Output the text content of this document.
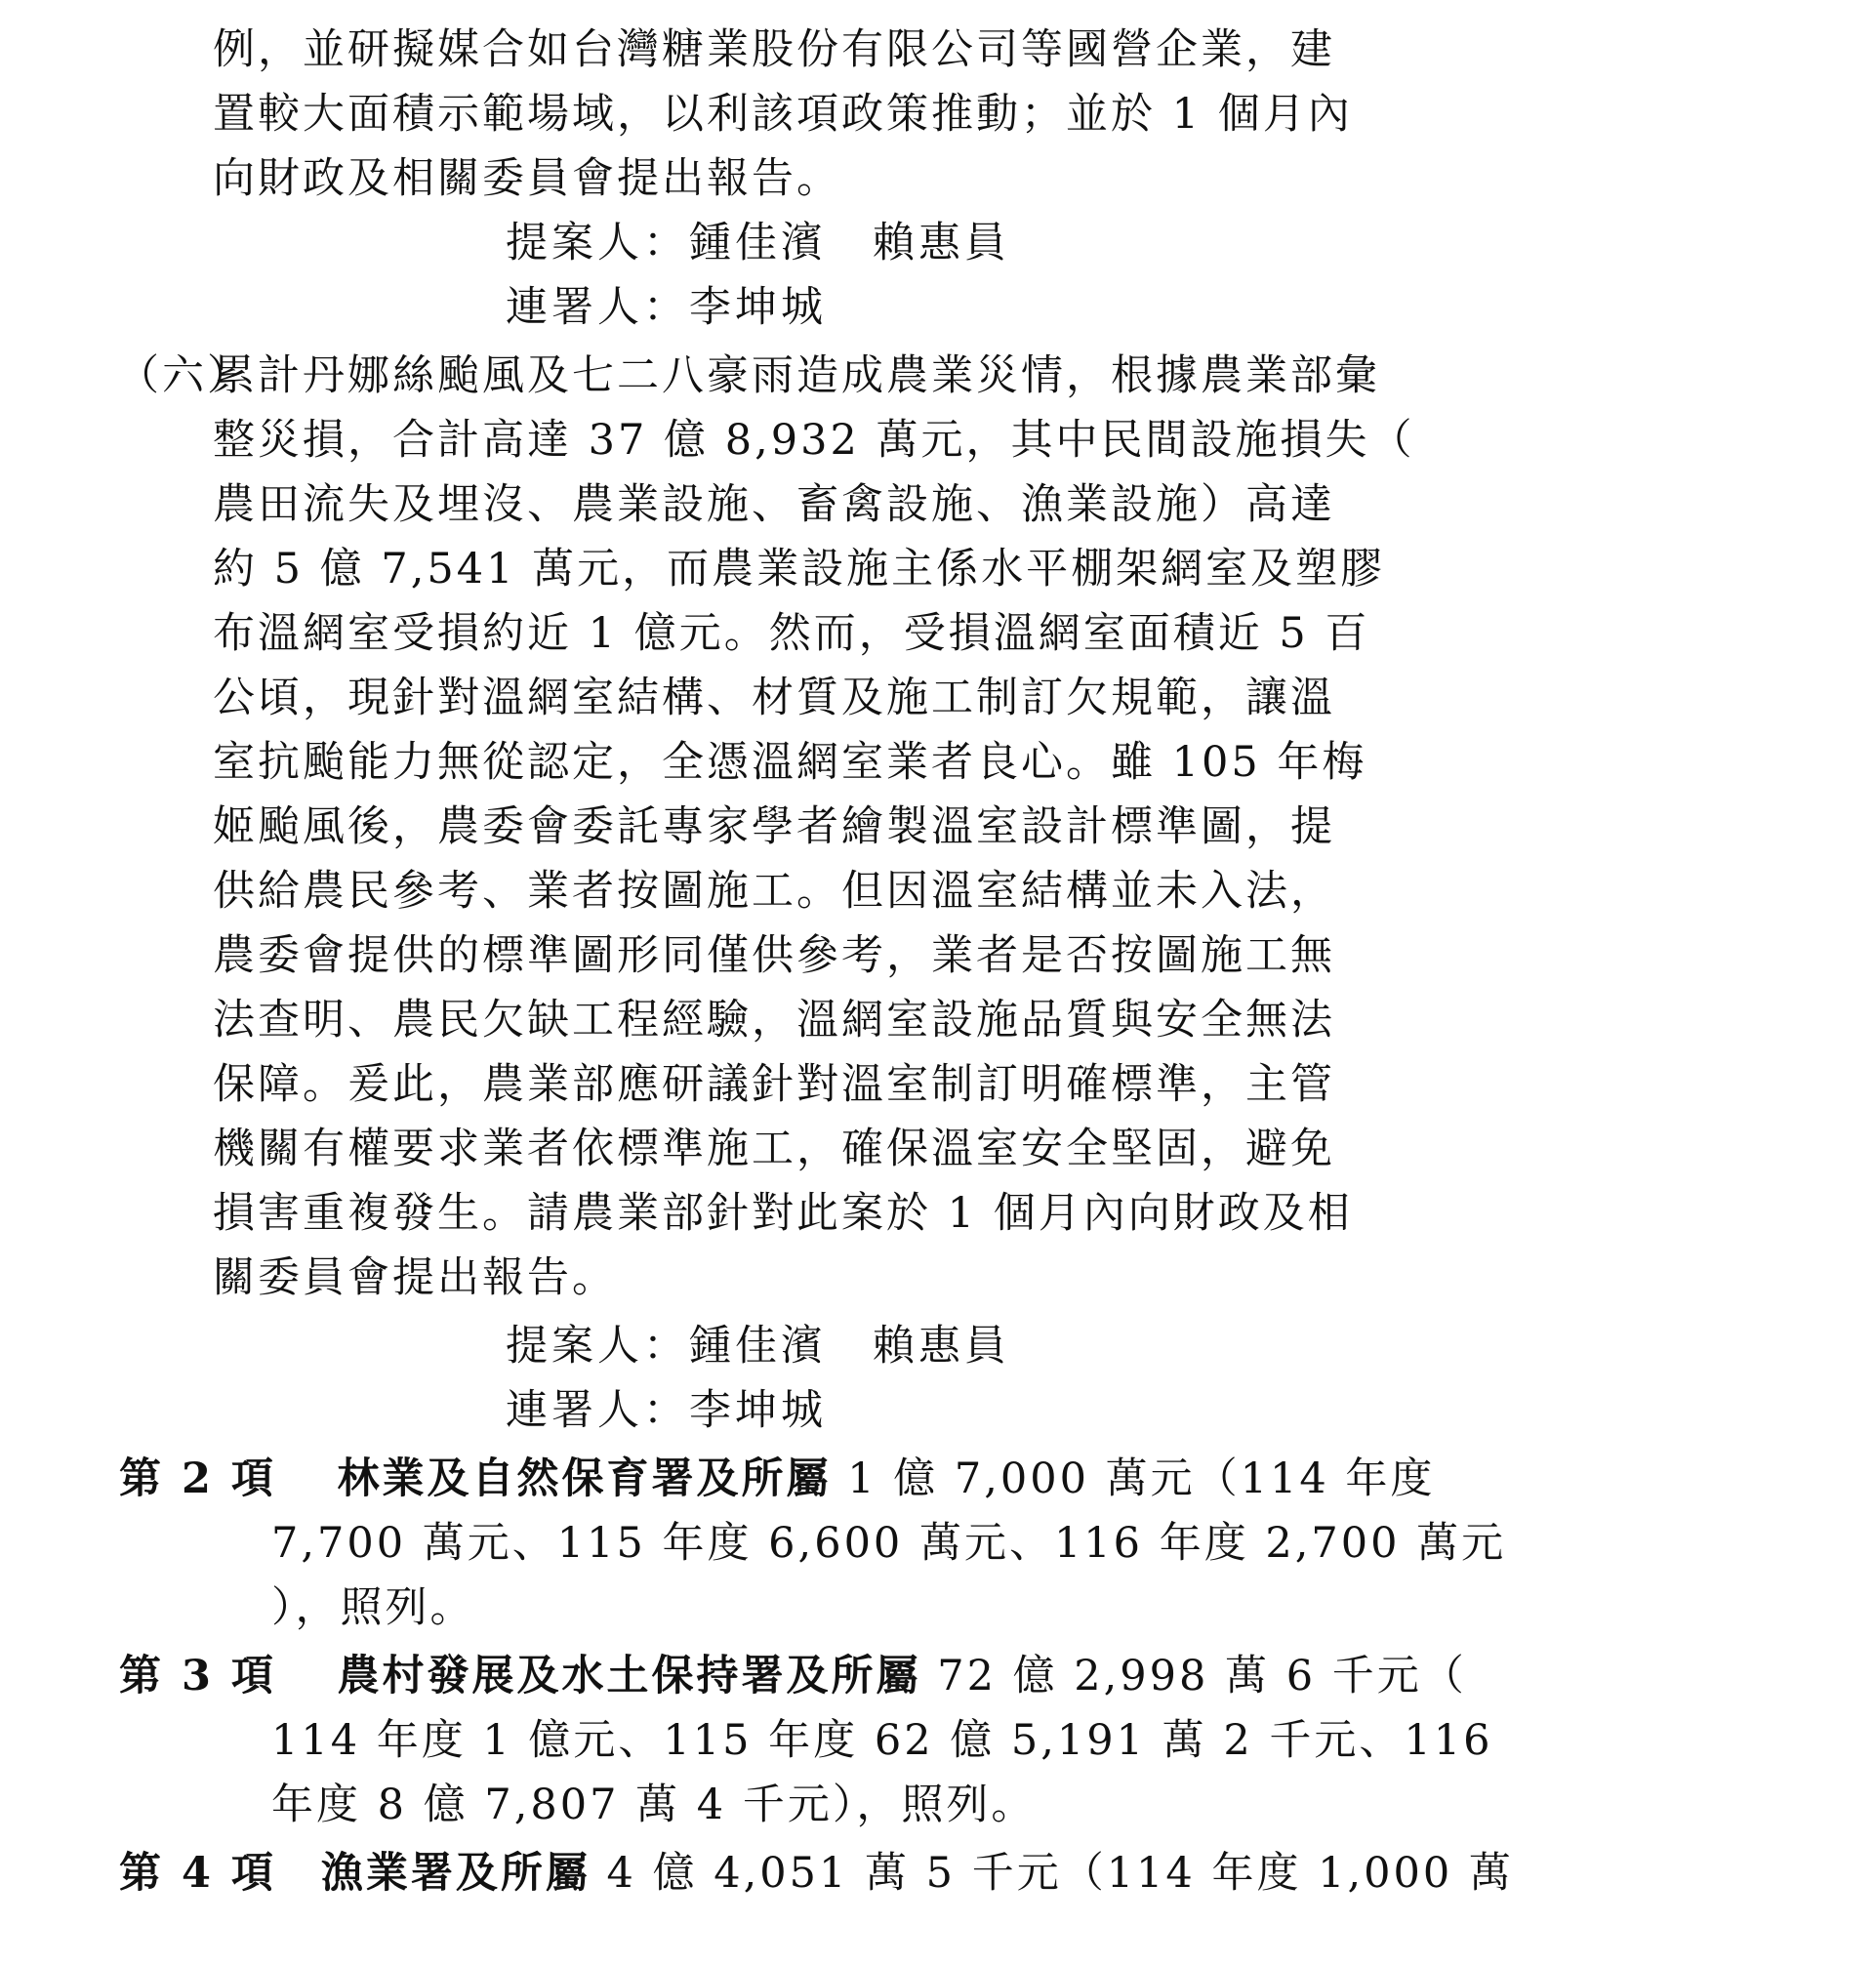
例，並研擬媒合如台灣糖業股份有限公司等國營企業，建
置較大面積示範場域，以利該項政策推動；並於 1 個月內
向財政及相關委員會提出報告。
提案人：鍾佳濱　賴惠員
連署人：李坤城
（六）
累計丹娜絲颱風及七二八豪雨造成農業災情，根據農業部彙
整災損，合計高達 37 億 8,932 萬元，其中民間設施損失（
農田流失及埋沒、農業設施、畜禽設施、漁業設施）高達
約 5 億 7,541 萬元，而農業設施主係水平棚架網室及塑膠
布溫網室受損約近 1 億元。然而，受損溫網室面積近 5 百
公頃，現針對溫網室結構、材質及施工制訂欠規範，讓溫
室抗颱能力無從認定，全憑溫網室業者良心。雖 105 年梅
姬颱風後，農委會委託專家學者繪製溫室設計標準圖，提
供給農民參考、業者按圖施工。但因溫室結構並未入法，
農委會提供的標準圖形同僅供參考，業者是否按圖施工無
法查明、農民欠缺工程經驗，溫網室設施品質與安全無法
保障。爰此，農業部應研議針對溫室制訂明確標準，主管
機關有權要求業者依標準施工，確保溫室安全堅固，避免
損害重複發生。請農業部針對此案於 1 個月內向財政及相
關委員會提出報告。
提案人：鍾佳濱　賴惠員
連署人：李坤城
第 2 項　 林業及自然保育署及所屬 1 億 7,000 萬元（114 年度
7,700 萬元、115 年度 6,600 萬元、116 年度 2,700 萬元
），照列。
第 3 項　 農村發展及水土保持署及所屬 72 億 2,998 萬 6 千元（
114 年度 1 億元、115 年度 62 億 5,191 萬 2 千元、116
年度 8 億 7,807 萬 4 千元），照列。
第 4 項　 漁業署及所屬 4 億 4,051 萬 5 千元（114 年度 1,000 萬
